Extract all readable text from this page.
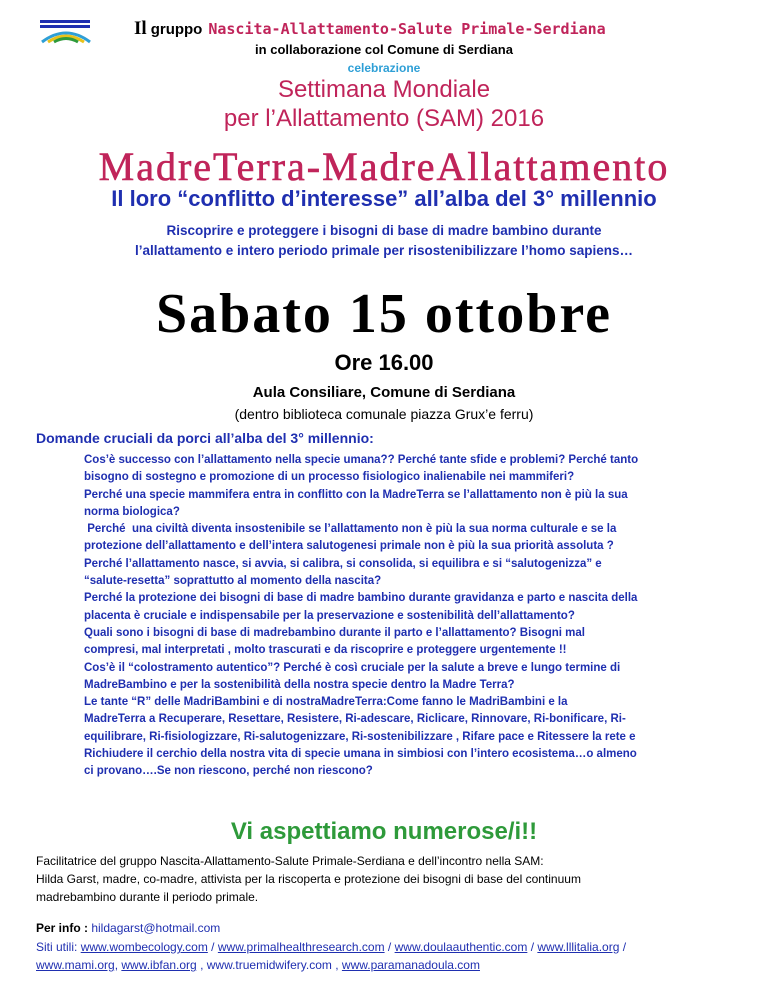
Il gruppo Nascita-Allattamento-Salute Primale-Serdiana
in collaborazione col Comune di Serdiana
celebrazione
Settimana Mondiale
per l’Allattamento (SAM) 2016
MadreTerra-MadreAllattamento
Il loro “conflitto d’interesse” all’alba del 3° millennio
Riscoprire e proteggere i bisogni di base di madre bambino durante
l’allattamento e intero periodo primale per risostenibilizzare l’homo sapiens…
Sabato 15 ottobre
Ore 16.00
Aula Consiliare, Comune di Serdiana
(dentro biblioteca comunale piazza Grux’e ferru)
Domande cruciali da porci all’alba del 3° millennio:
Cos’è successo con l’allattamento nella specie umana?? Perché tante sfide e problemi? Perché tanto
bisogno di sostegno e promozione di un processo fisiologico inalienabile nei mammiferi?
Perché una specie mammifera entra in conflitto con la MadreTerra se l’allattamento non è più la sua
norma biologica?
Perché  una civiltà diventa insostenibile se l’allattamento non è più la sua norma culturale e se la
protezione dell’allattamento e dell’intera salutogenesi primale non è più la sua priorità assoluta ?
Perché l’allattamento nasce, si avvia, si calibra, si consolida, si equilibra e si “salutogenizza” e
“salute-resetta” soprattutto al momento della nascita?
Perché la protezione dei bisogni di base di madre bambino durante gravidanza e parto e nascita della
placenta è cruciale e indispensabile per la preservazione e sostenibilità dell’allattamento?
Quali sono i bisogni di base di madrebambino durante il parto e l’allattamento? Bisogni mal
compresi, mal interpretati , molto trascurati e da riscoprire e proteggere urgentemente !!
Cos’è il “colostramento autentico”? Perché è così cruciale per la salute a breve e lungo termine di
MadreBambino e per la sostenibilità della nostra specie dentro la Madre Terra?
Le tante “R” delle MadriBambini e di nostraMadreTerra:Come fanno le MadriBambini e la
MadreTerra a Recuperare, Resettare, Resistere, Ri-adescare, Riclicare, Rinnovare, Ri-bonificare, Ri-
equilibrare, Ri-fisiologizzare, Ri-salutogenizzare, Ri-sostenibilizzare , Rifare pace e Ritessere la rete e
Richiudere il cerchio della nostra vita di specie umana in simbiosi con l’intero ecosistema…o almeno
ci provano….Se non riescono, perché non riescono?
Vi aspettiamo numerose/i!!
Facilitatrice del gruppo Nascita-Allattamento-Salute Primale-Serdiana e dell’incontro nella SAM:
Hilda Garst, madre, co-madre, attivista per la riscoperta e protezione dei bisogni di base del continuum
madrebambino durante il periodo primale.
Per info : hildagarst@hotmail.com
Siti utili: www.wombecology.com / www.primalhealthresearch.com / www.doulaauthentic.com / www.lllitalia.org /
www.mami.org, www.ibfan.org , www.truemidwifery.com , www.paramanadoula.com
